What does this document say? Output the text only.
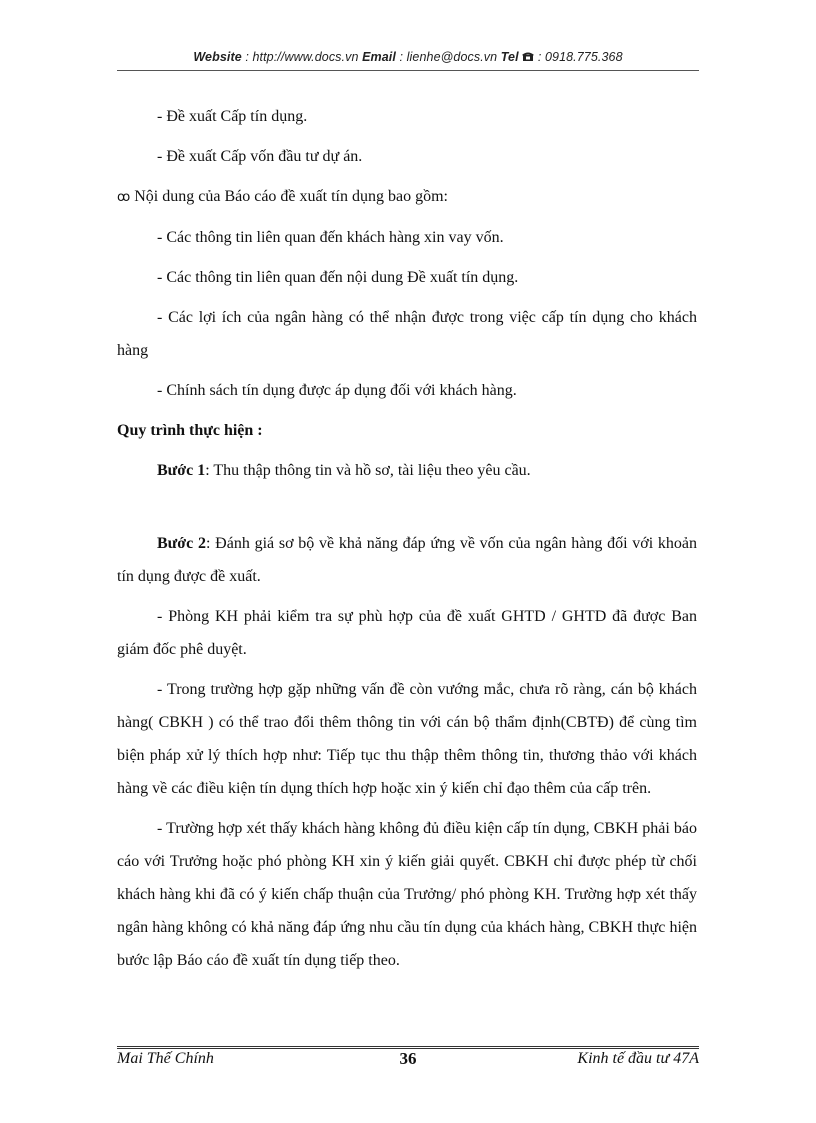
Website : http://www.docs.vn Email : lienhe@docs.vn Tel  : 0918.775.368

- Đề xuất Cấp tín dụng.

- Đề xuất Cấp vốn đầu tư dự án.

ꝏ Nội dung của Báo cáo đề xuất tín dụng bao gồm:

- Các thông tin liên quan đến khách hàng xin vay vốn.

- Các thông tin liên quan đến nội dung Đề xuất tín dụng.

- Các lợi ích của ngân hàng có thể nhận được trong việc cấp tín dụng cho khách hàng

- Chính sách tín dụng được áp dụng đối với khách hàng.

Quy trình thực hiện :

Bước 1: Thu thập thông tin và hồ sơ, tài liệu theo yêu cầu.

Bước 2: Đánh giá sơ bộ về khả năng đáp ứng về vốn của ngân hàng đối với khoản tín dụng được đề xuất.

- Phòng KH phải kiểm tra sự phù hợp của đề xuất GHTD / GHTD đã được Ban giám đốc phê duyệt.

- Trong trường hợp gặp những vấn đề còn vướng mắc, chưa rõ ràng, cán bộ khách hàng( CBKH ) có thể trao đổi thêm thông tin với cán bộ thẩm định(CBTĐ) để cùng tìm biện pháp xử lý thích hợp như: Tiếp tục thu thập thêm thông tin, thương thảo với khách hàng về các điều kiện tín dụng thích hợp hoặc xin ý kiến chỉ đạo thêm của cấp trên.

- Trường hợp xét thấy khách hàng không đủ điều kiện cấp tín dụng, CBKH phải báo cáo với Trưởng hoặc phó phòng KH xin ý kiến giải quyết. CBKH chỉ được phép từ chối khách hàng khi đã có ý kiến chấp thuận của Trưởng/ phó phòng KH. Trường hợp xét thấy ngân hàng không có khả năng đáp ứng nhu cầu tín dụng của khách hàng, CBKH thực hiện bước lập Báo cáo đề xuất tín dụng tiếp theo.

Mai Thế Chính	36	Kinh tế đầu tư 47A
